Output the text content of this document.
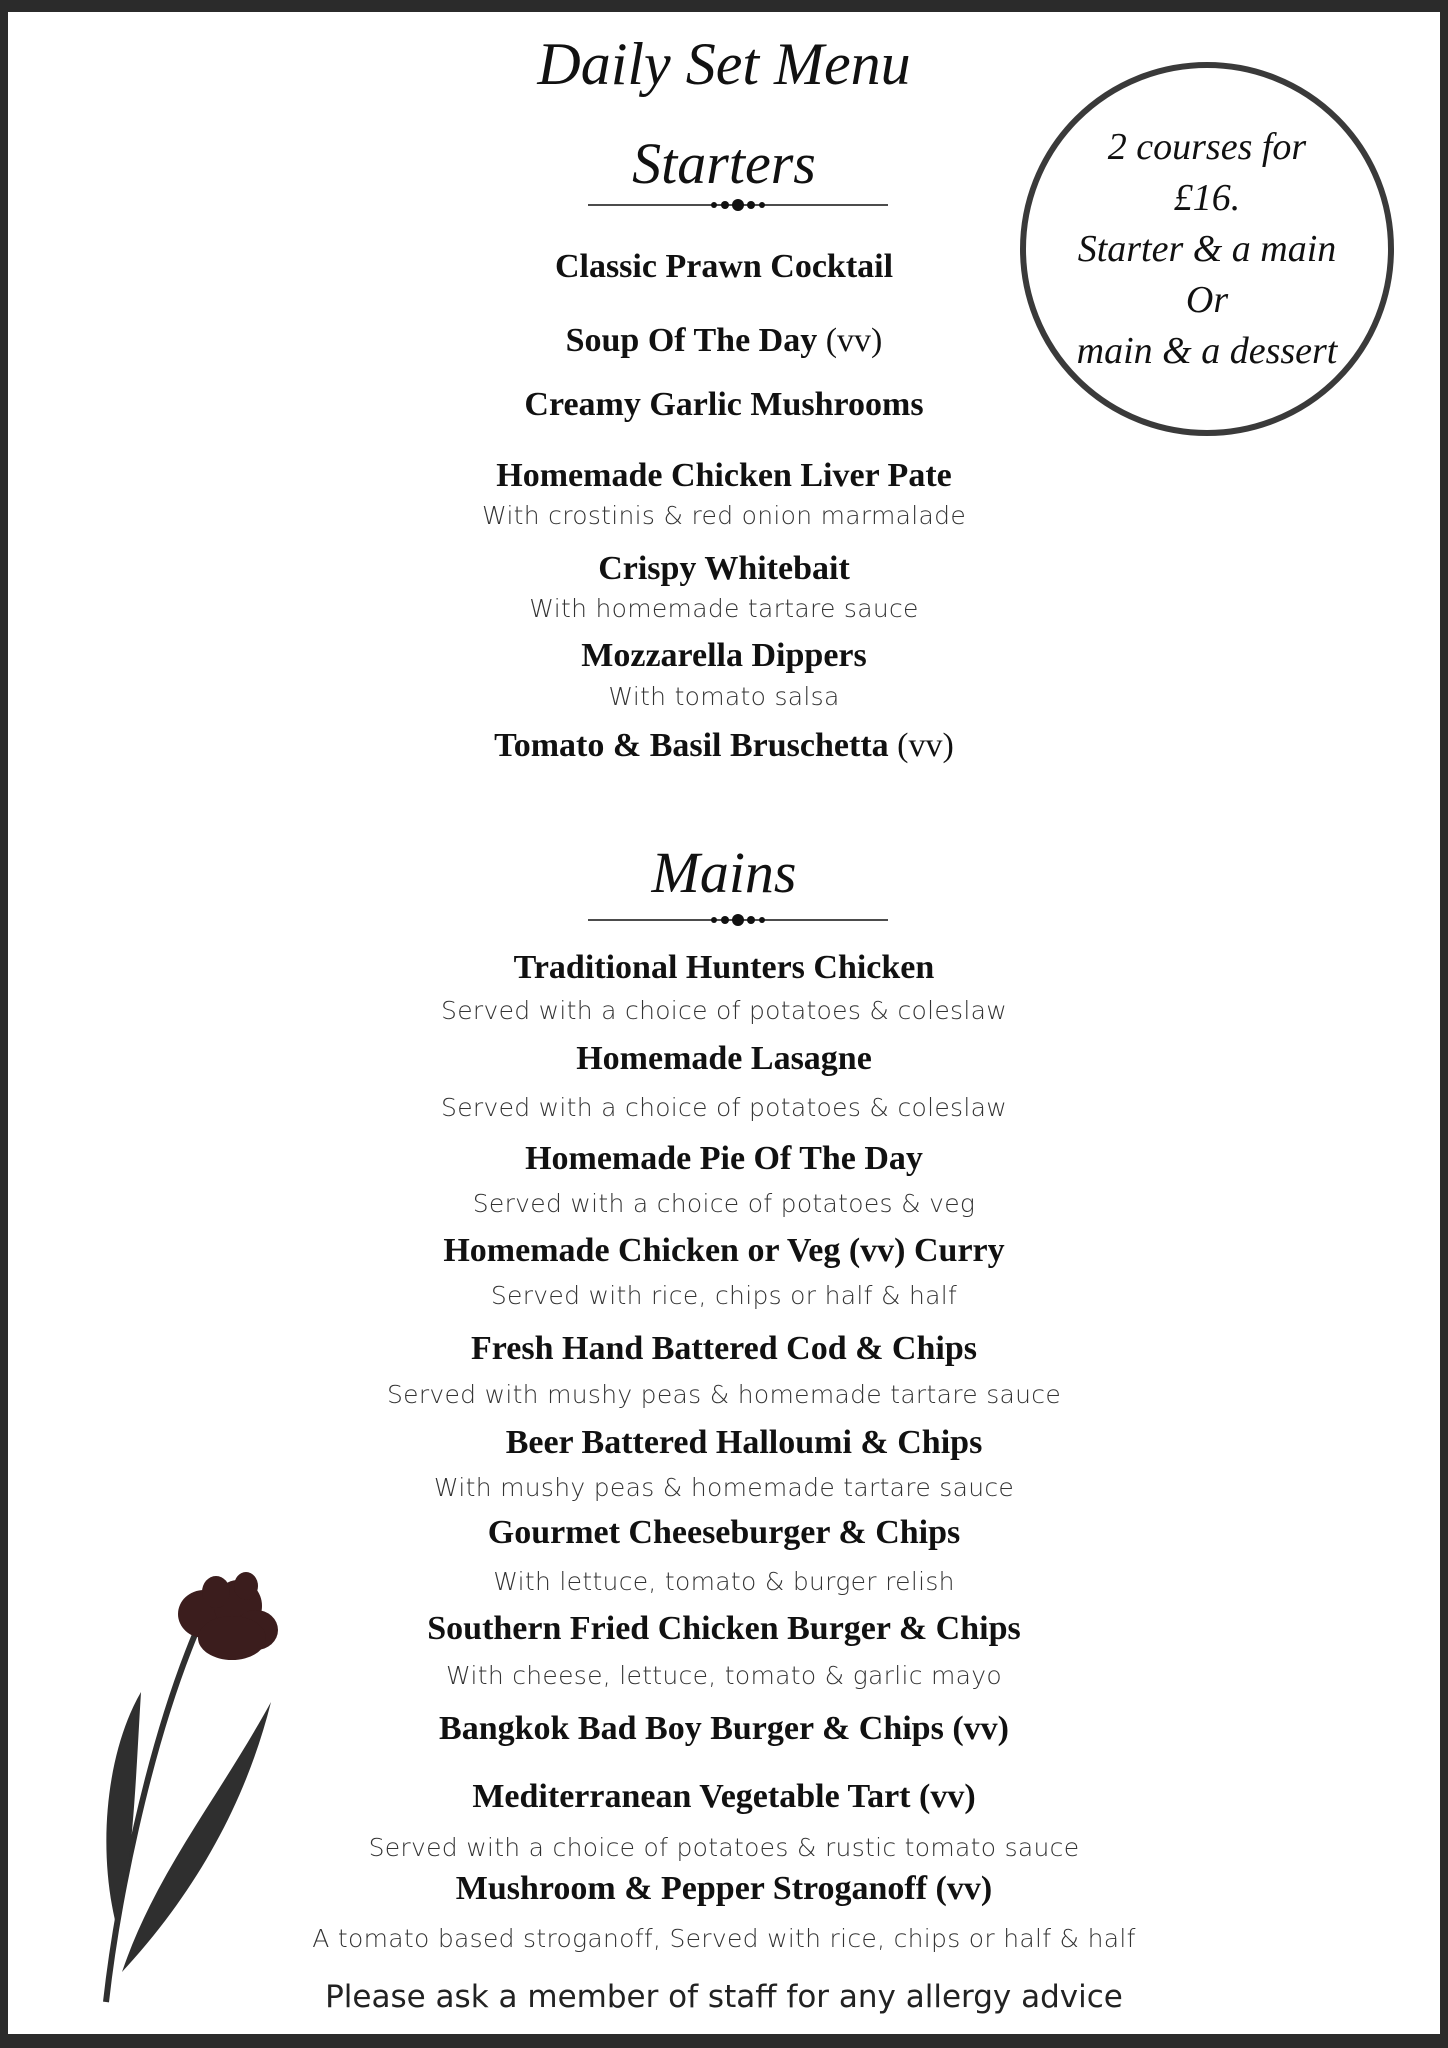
Daily Set Menu
2 courses for
£16.
Starter & a main
Or
main & a dessert
Starters
Classic Prawn Cocktail
Soup Of The Day (vv)
Creamy Garlic Mushrooms
Homemade Chicken Liver Pate
With crostinis & red onion marmalade
Crispy Whitebait
With homemade tartare sauce
Mozzarella Dippers
With tomato salsa
Tomato & Basil Bruschetta (vv)
Mains
Traditional Hunters Chicken
Served with a choice of potatoes & coleslaw
Homemade Lasagne
Served with a choice of potatoes & coleslaw
Homemade Pie Of The Day
Served with a choice of potatoes & veg
Homemade Chicken or Veg (vv) Curry
Served with rice, chips or half & half
Fresh Hand Battered Cod & Chips
Served with mushy peas & homemade tartare sauce
Beer Battered Halloumi & Chips
With mushy peas & homemade tartare sauce
Gourmet Cheeseburger & Chips
With lettuce, tomato & burger relish
Southern Fried Chicken Burger & Chips
With cheese, lettuce, tomato & garlic mayo
Bangkok Bad Boy Burger & Chips (vv)
Mediterranean Vegetable Tart (vv)
Served with a choice of potatoes & rustic tomato sauce
Mushroom & Pepper Stroganoff (vv)
A tomato based stroganoff, Served with rice, chips or half & half
Please ask a member of staff for any allergy advice
